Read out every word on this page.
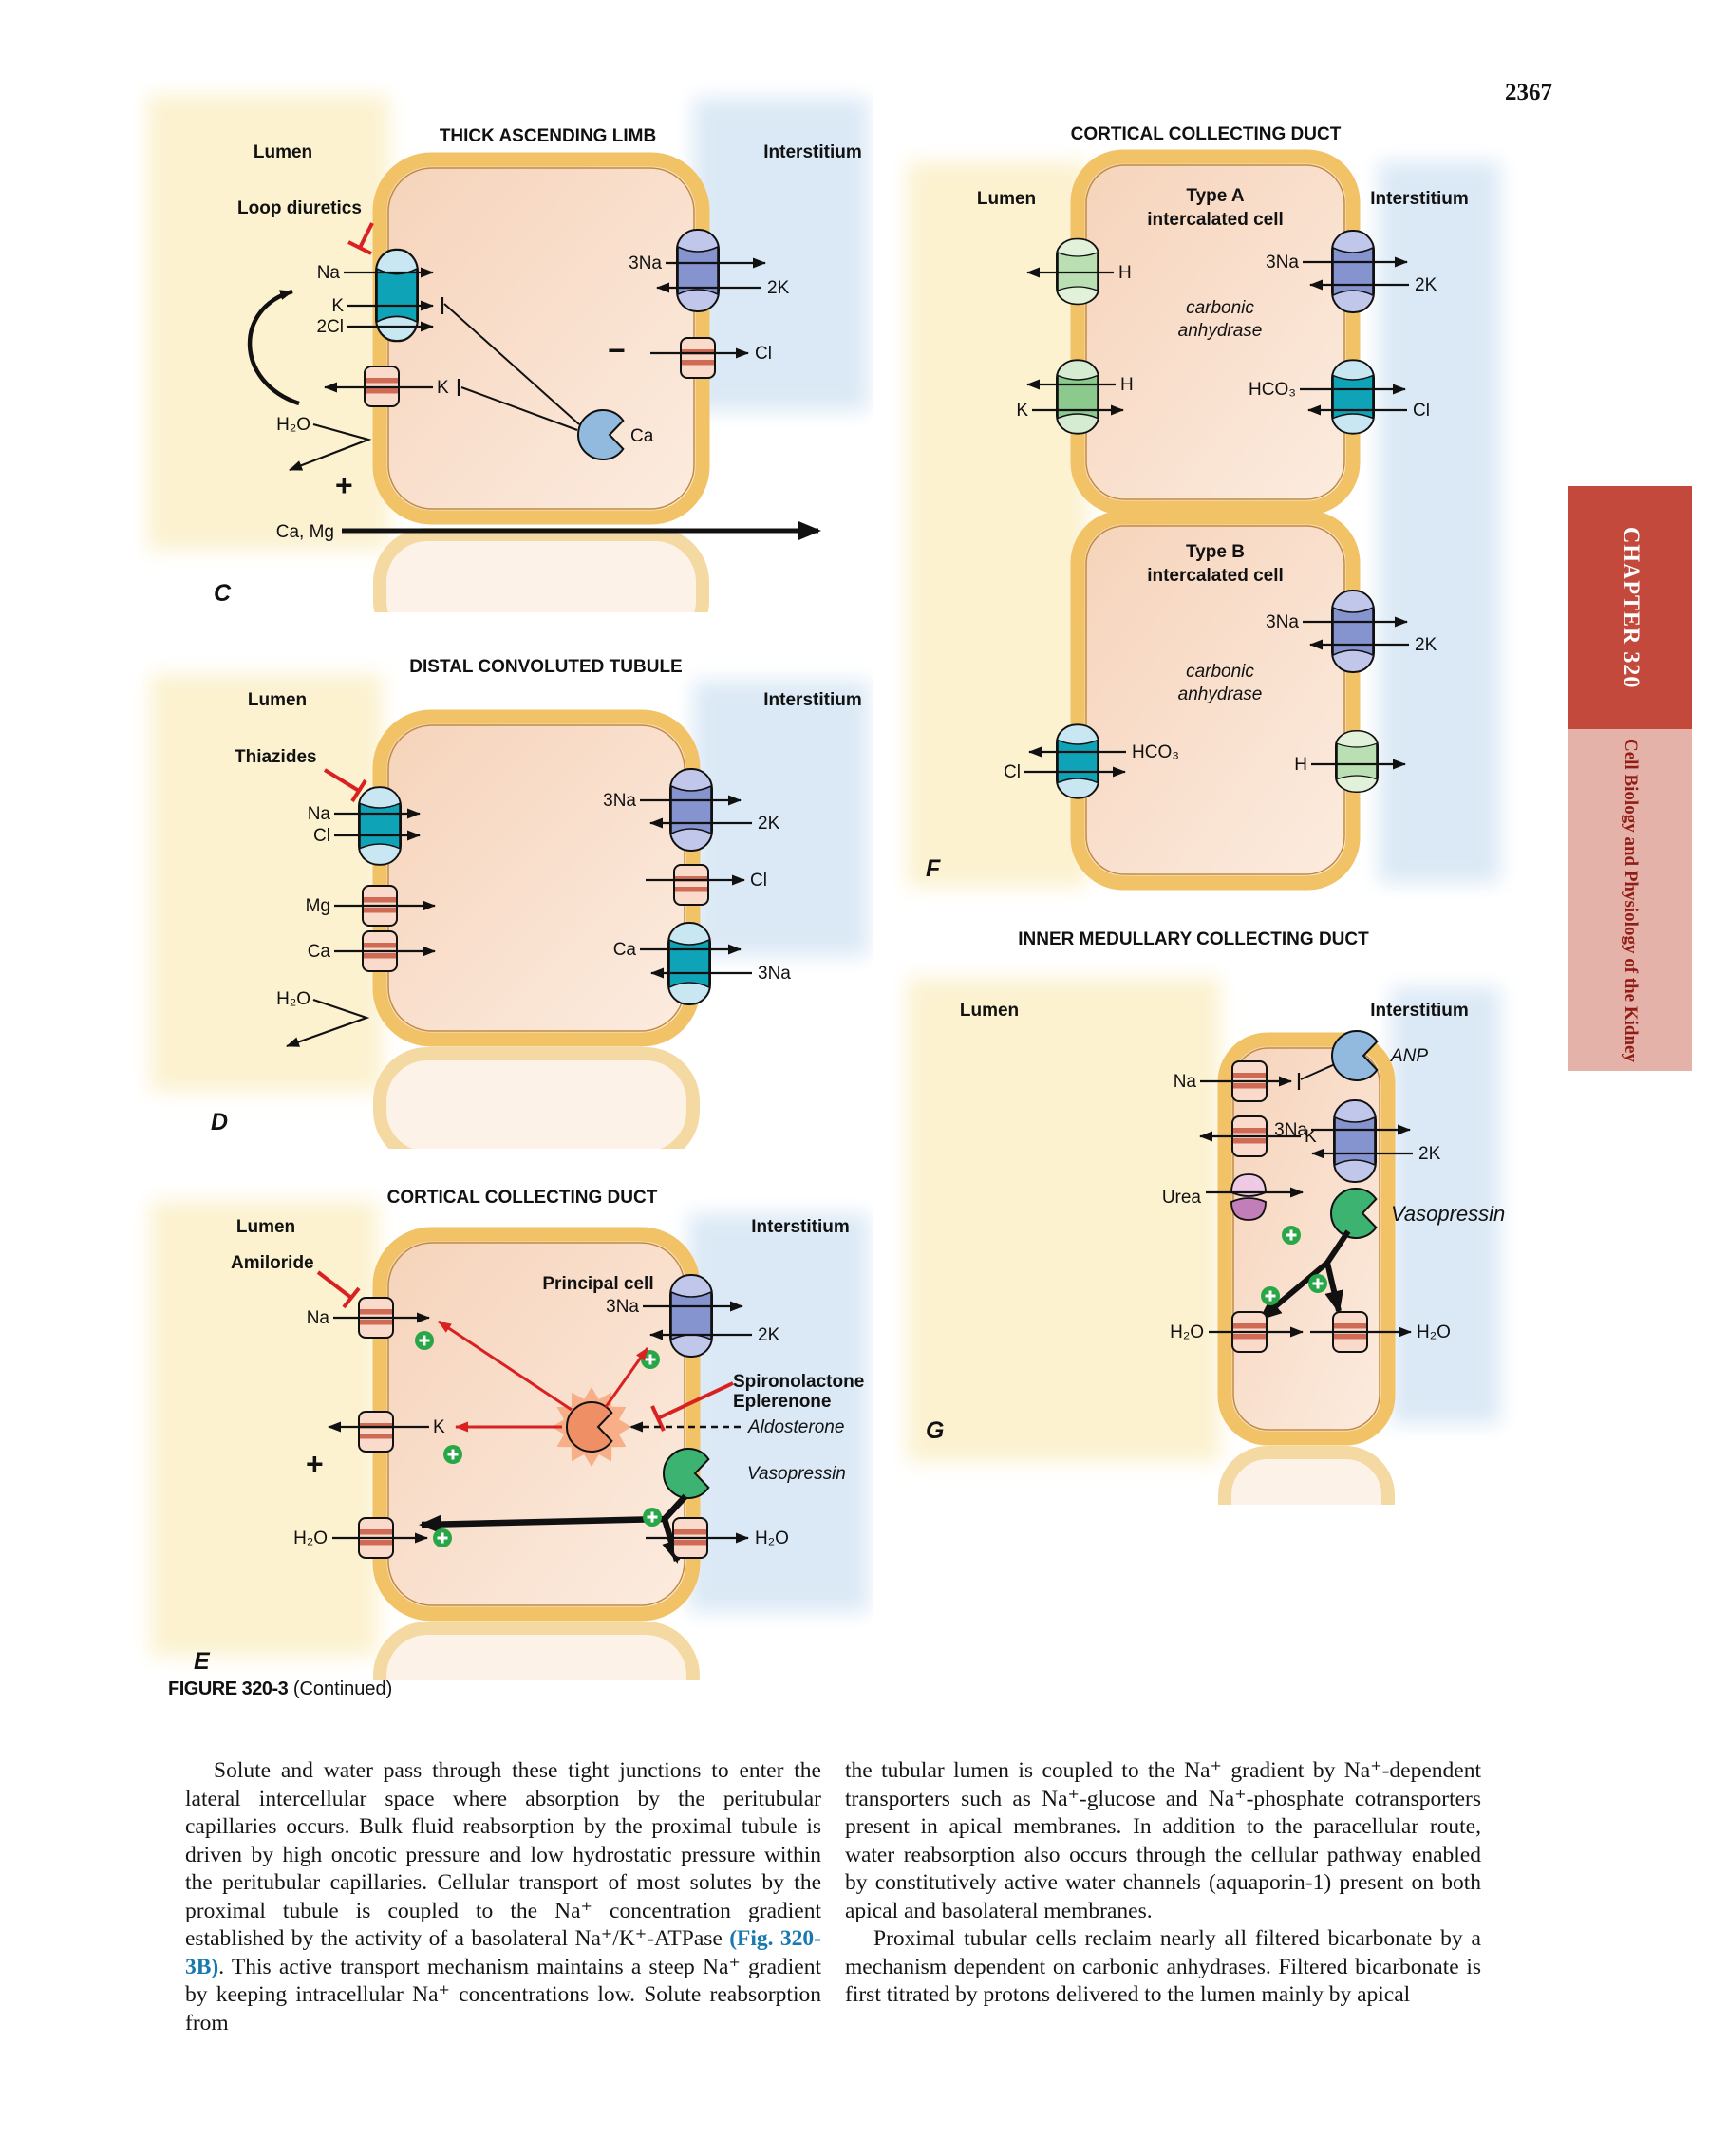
2367
THICK ASCENDING LIMB
Lumen	Interstitium
Loop diuretics
Na
K
2Cl
K
H₂O
+
−
Ca, Mg
3Na
2K
Cl
Ca
C
DISTAL CONVOLUTED TUBULE
Lumen	Interstitium
Thiazides
Na
Cl
Mg
Ca
H₂O
3Na
2K
Cl
Ca
3Na
D
CORTICAL COLLECTING DUCT
Lumen	Interstitium
Amiloride
Principal cell
Na
3Na
2K
Spironolactone
Eplerenone
Aldosterone
K
+	Vasopressin
H₂O	H₂O
E
CORTICAL COLLECTING DUCT
Lumen	Interstitium
Type A
intercalated cell
H
carbonic
anhydrase
3Na
2K
H
K
HCO₃
Cl
Type B
intercalated cell
3Na
2K
carbonic
anhydrase
HCO₃
Cl	H
F
INNER MEDULLARY COLLECTING DUCT
Lumen	Interstitium
Na
ANP
K
3Na
2K
Urea
Vasopressin
H₂O	H₂O
G
FIGURE 320-3 (Continued)

Solute and water pass through these tight junctions to enter the lateral intercellular space where absorption by the peritubular capillaries occurs. Bulk fluid reabsorption by the proximal tubule is driven by high oncotic pressure and low hydrostatic pressure within the peritubular capillaries. Cellular transport of most solutes by the proximal tubule is coupled to the Na⁺ concentration gradient established by the activity of a basolateral Na⁺/K⁺-ATPase (Fig. 320-3B). This active transport mechanism maintains a steep Na⁺ gradient by keeping intracellular Na⁺ concentrations low. Solute reabsorption from

the tubular lumen is coupled to the Na⁺ gradient by Na⁺-dependent transporters such as Na⁺-glucose and Na⁺-phosphate cotransporters present in apical membranes. In addition to the paracellular route, water reabsorption also occurs through the cellular pathway enabled by constitutively active water channels (aquaporin-1) present on both apical and basolateral membranes.

Proximal tubular cells reclaim nearly all filtered bicarbonate by a mechanism dependent on carbonic anhydrases. Filtered bicarbonate is first titrated by protons delivered to the lumen mainly by apical

CHAPTER 320
Cell Biology and Physiology of the Kidney
